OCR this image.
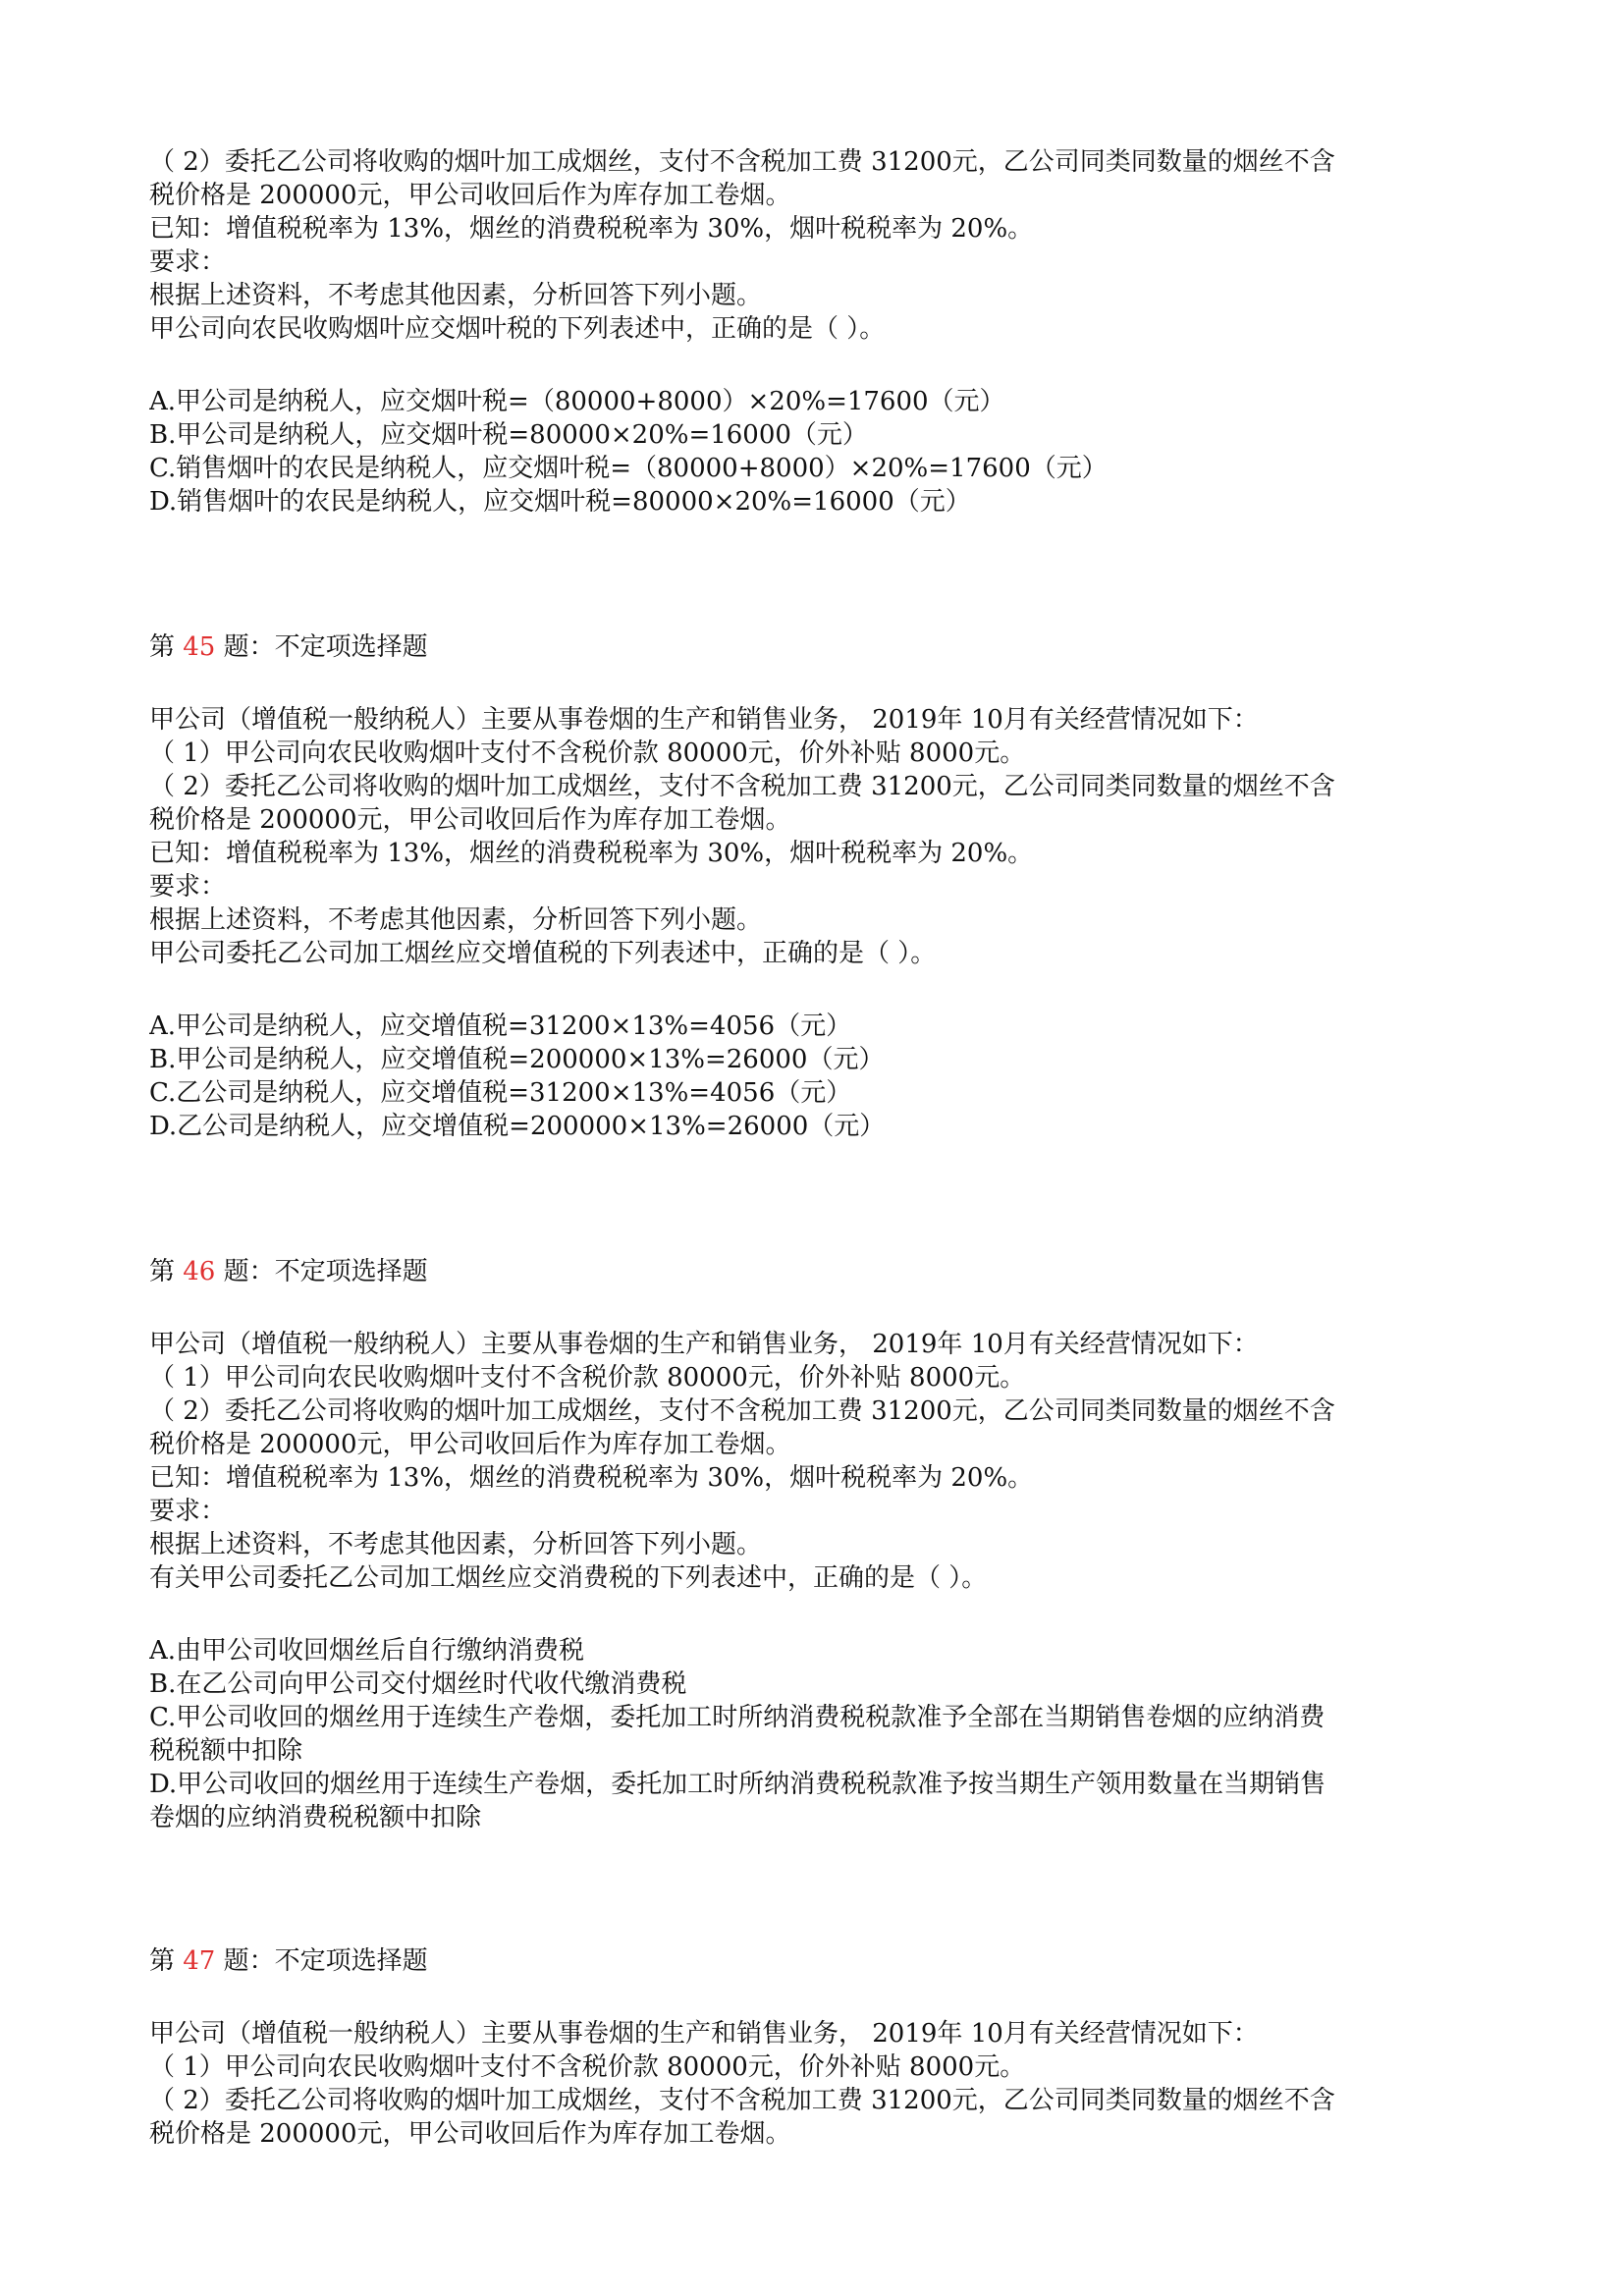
（ 2）委托乙公司将收购的烟叶加工成烟丝，支付不含税加工费 31200元，乙公司同类同数量的烟丝不含
税价格是 200000元，甲公司收回后作为库存加工卷烟。
已知：增值税税率为 13%，烟丝的消费税税率为 30%，烟叶税税率为 20%。
要求：
根据上述资料，不考虑其他因素，分析回答下列小题。
甲公司向农民收购烟叶应交烟叶税的下列表述中，正确的是（ ）。
A.甲公司是纳税人，应交烟叶税=（80000+8000）×20%=17600（元）
B.甲公司是纳税人，应交烟叶税=80000×20%=16000（元）
C.销售烟叶的农民是纳税人，应交烟叶税=（80000+8000）×20%=17600（元）
D.销售烟叶的农民是纳税人，应交烟叶税=80000×20%=16000（元）
第 45 题：不定项选择题
甲公司（增值税一般纳税人）主要从事卷烟的生产和销售业务， 2019年 10月有关经营情况如下：
（ 1）甲公司向农民收购烟叶支付不含税价款 80000元，价外补贴 8000元。
（ 2）委托乙公司将收购的烟叶加工成烟丝，支付不含税加工费 31200元，乙公司同类同数量的烟丝不含
税价格是 200000元，甲公司收回后作为库存加工卷烟。
已知：增值税税率为 13%，烟丝的消费税税率为 30%，烟叶税税率为 20%。
要求：
根据上述资料，不考虑其他因素，分析回答下列小题。
甲公司委托乙公司加工烟丝应交增值税的下列表述中，正确的是（ ）。
A.甲公司是纳税人，应交增值税=31200×13%=4056（元）
B.甲公司是纳税人，应交增值税=200000×13%=26000（元）
C.乙公司是纳税人，应交增值税=31200×13%=4056（元）
D.乙公司是纳税人，应交增值税=200000×13%=26000（元）
第 46 题：不定项选择题
甲公司（增值税一般纳税人）主要从事卷烟的生产和销售业务， 2019年 10月有关经营情况如下：
（ 1）甲公司向农民收购烟叶支付不含税价款 80000元，价外补贴 8000元。
（ 2）委托乙公司将收购的烟叶加工成烟丝，支付不含税加工费 31200元，乙公司同类同数量的烟丝不含
税价格是 200000元，甲公司收回后作为库存加工卷烟。
已知：增值税税率为 13%，烟丝的消费税税率为 30%，烟叶税税率为 20%。
要求：
根据上述资料，不考虑其他因素，分析回答下列小题。
有关甲公司委托乙公司加工烟丝应交消费税的下列表述中，正确的是（ ）。
A.由甲公司收回烟丝后自行缴纳消费税
B.在乙公司向甲公司交付烟丝时代收代缴消费税
C.甲公司收回的烟丝用于连续生产卷烟，委托加工时所纳消费税税款准予全部在当期销售卷烟的应纳消费
税税额中扣除
D.甲公司收回的烟丝用于连续生产卷烟，委托加工时所纳消费税税款准予按当期生产领用数量在当期销售
卷烟的应纳消费税税额中扣除
第 47 题：不定项选择题
甲公司（增值税一般纳税人）主要从事卷烟的生产和销售业务， 2019年 10月有关经营情况如下：
（ 1）甲公司向农民收购烟叶支付不含税价款 80000元，价外补贴 8000元。
（ 2）委托乙公司将收购的烟叶加工成烟丝，支付不含税加工费 31200元，乙公司同类同数量的烟丝不含
税价格是 200000元，甲公司收回后作为库存加工卷烟。
